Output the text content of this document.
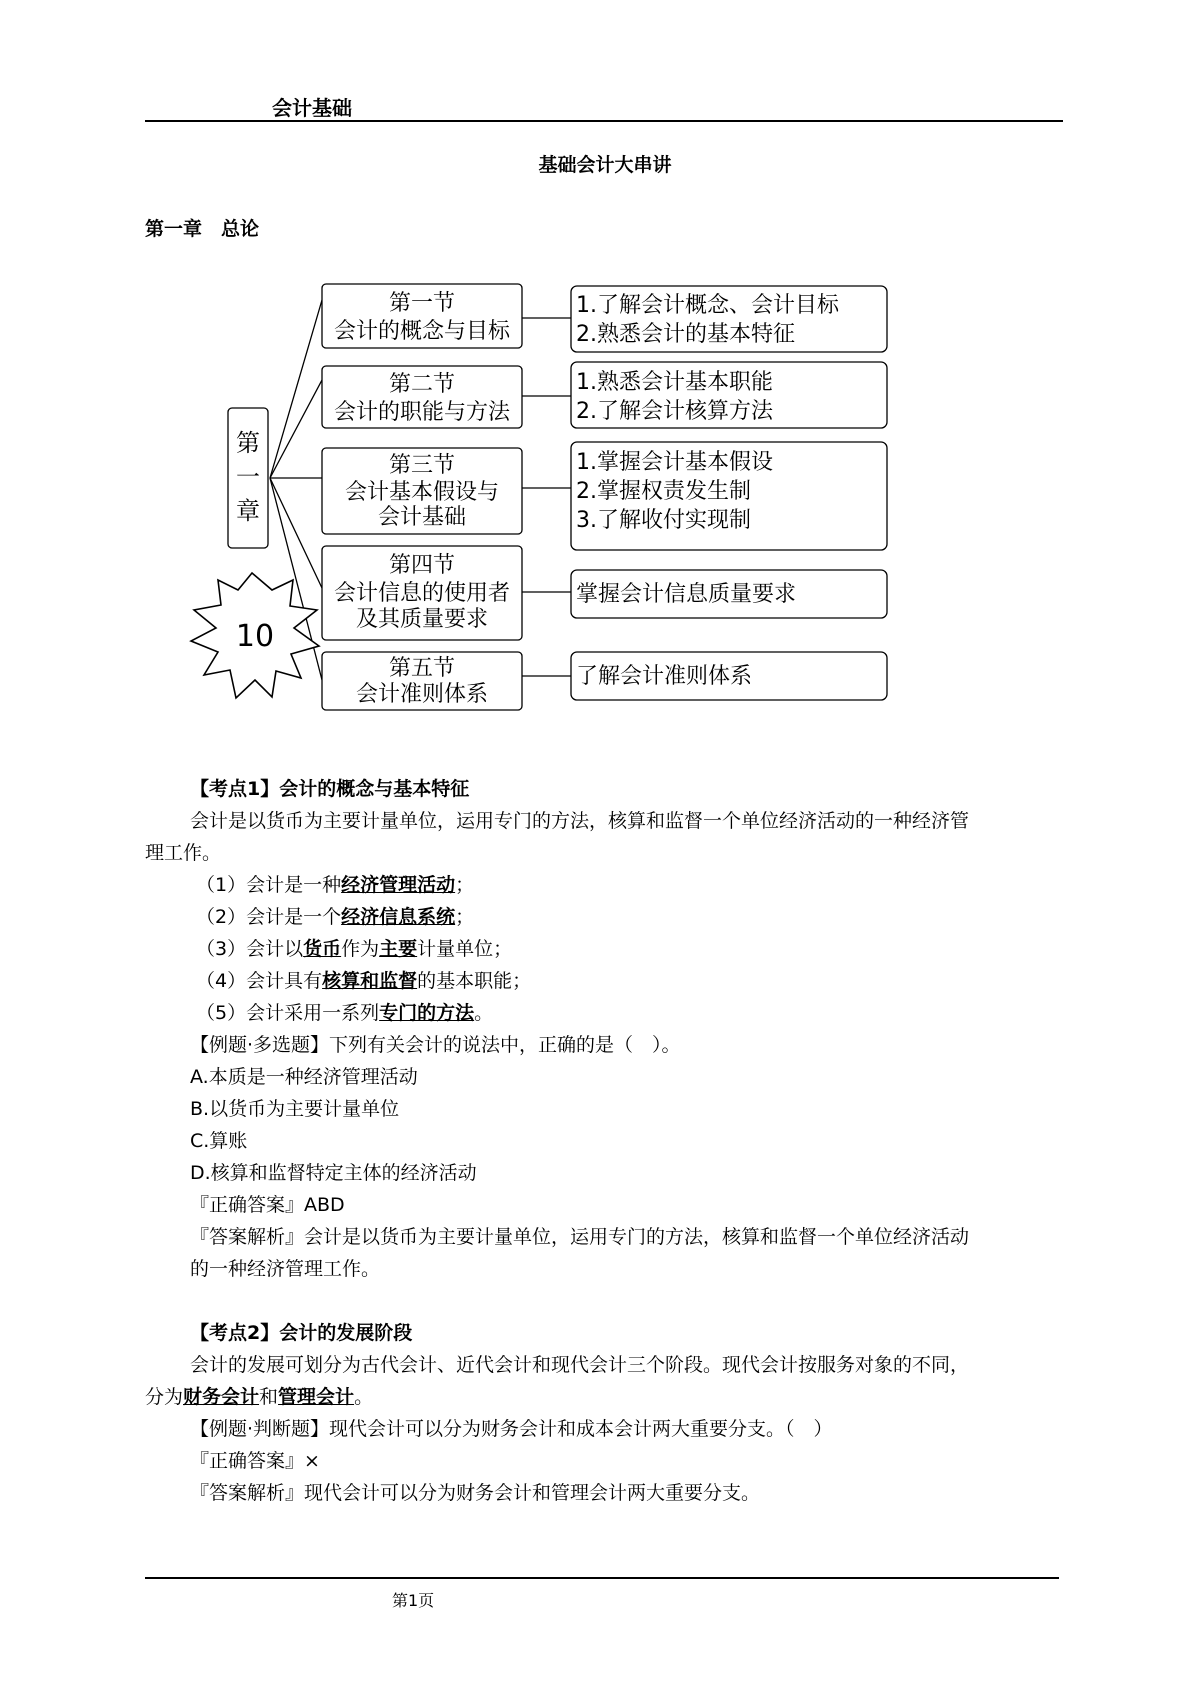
会计基础
基础会计大串讲
第一章　总论
第
一
章
10
第一节
会计的概念与目标
第二节
会计的职能与方法
第三节
会计基本假设与
会计基础
第四节
会计信息的使用者
及其质量要求
第五节
会计准则体系
1.了解会计概念、会计目标
2.熟悉会计的基本特征
1.熟悉会计基本职能
2.了解会计核算方法
1.掌握会计基本假设
2.掌握权责发生制
3.了解收付实现制
掌握会计信息质量要求
了解会计准则体系
【考点1】会计的概念与基本特征
会计是以货币为主要计量单位，运用专门的方法，核算和监督一个单位经济活动的一种经济管
理工作。
（1）会计是一种经济管理活动；
（2）会计是一个经济信息系统；
（3）会计以货币作为主要计量单位；
（4）会计具有核算和监督的基本职能；
（5）会计采用一系列专门的方法。
【例题·多选题】下列有关会计的说法中，正确的是（　）。
A.本质是一种经济管理活动
B.以货币为主要计量单位
C.算账
D.核算和监督特定主体的经济活动
『正确答案』ABD
『答案解析』会计是以货币为主要计量单位，运用专门的方法，核算和监督一个单位经济活动
的一种经济管理工作。
【考点2】会计的发展阶段
会计的发展可划分为古代会计、近代会计和现代会计三个阶段。现代会计按服务对象的不同，
分为财务会计和管理会计。
【例题·判断题】现代会计可以分为财务会计和成本会计两大重要分支。（　）
『正确答案』×
『答案解析』现代会计可以分为财务会计和管理会计两大重要分支。
第1页
